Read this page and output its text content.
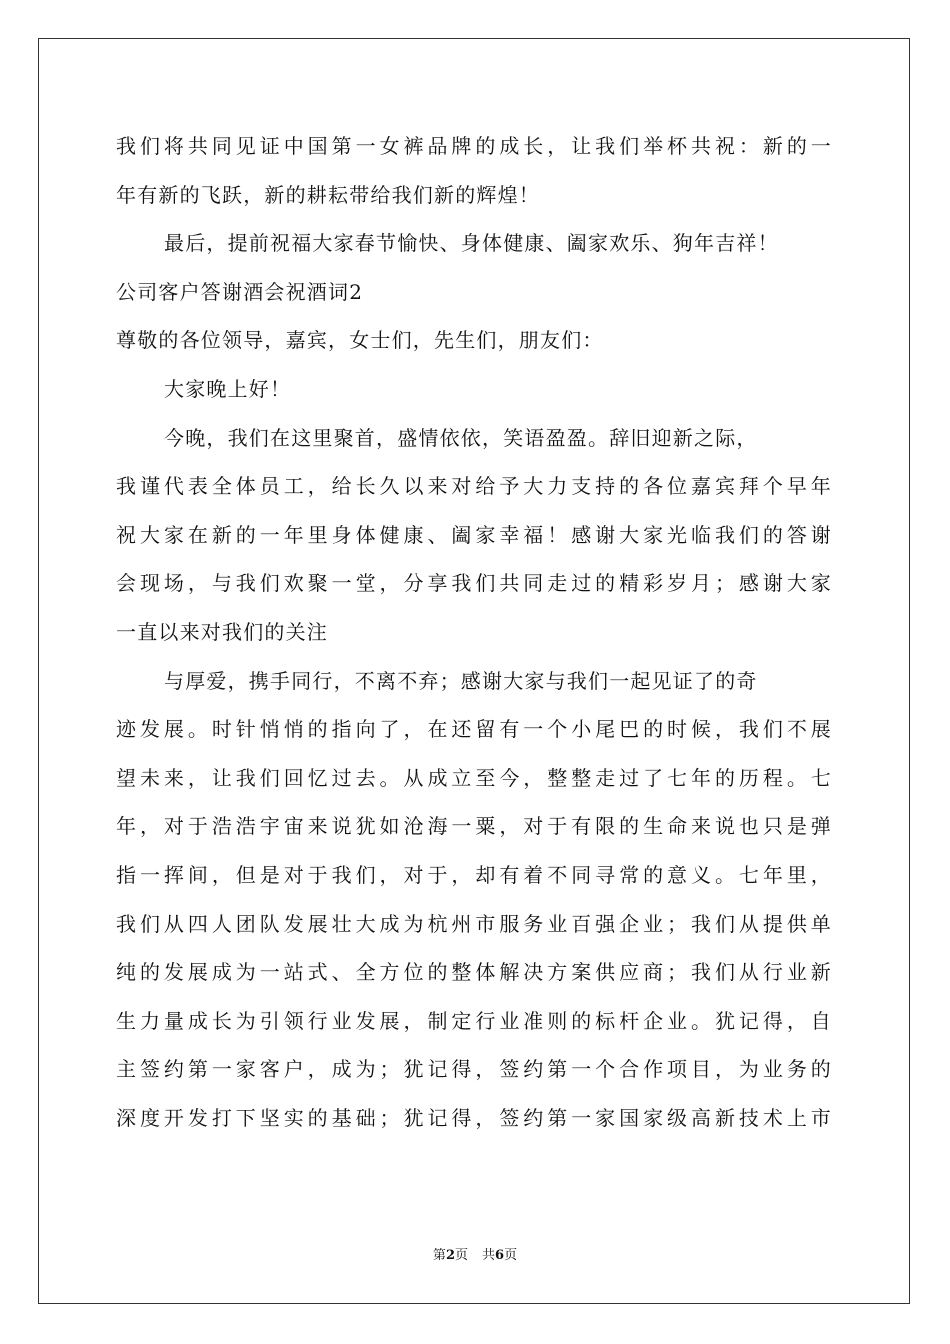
我们将共同见证中国第一女裤品牌的成长，让我们举杯共祝：新的一
年有新的飞跃，新的耕耘带给我们新的辉煌！
最后，提前祝福大家春节愉快、身体健康、阖家欢乐、狗年吉祥！
公司客户答谢酒会祝酒词2
尊敬的各位领导，嘉宾，女士们，先生们，朋友们：
大家晚上好！
今晚，我们在这里聚首，盛情依依，笑语盈盈。辞旧迎新之际，
我谨代表全体员工，给长久以来对给予大力支持的各位嘉宾拜个早年
祝大家在新的一年里身体健康、阖家幸福！感谢大家光临我们的答谢
会现场，与我们欢聚一堂，分享我们共同走过的精彩岁月；感谢大家
一直以来对我们的关注
与厚爱，携手同行，不离不弃；感谢大家与我们一起见证了的奇
迹发展。时针悄悄的指向了，在还留有一个小尾巴的时候，我们不展
望未来，让我们回忆过去。从成立至今，整整走过了七年的历程。七
年，对于浩浩宇宙来说犹如沧海一粟，对于有限的生命来说也只是弹
指一挥间，但是对于我们，对于，却有着不同寻常的意义。七年里，
我们从四人团队发展壮大成为杭州市服务业百强企业；我们从提供单
纯的发展成为一站式、全方位的整体解决方案供应商；我们从行业新
生力量成长为引领行业发展，制定行业准则的标杆企业。犹记得，自
主签约第一家客户，成为；犹记得，签约第一个合作项目，为业务的
深度开发打下坚实的基础；犹记得，签约第一家国家级高新技术上市
第2页 共6页
